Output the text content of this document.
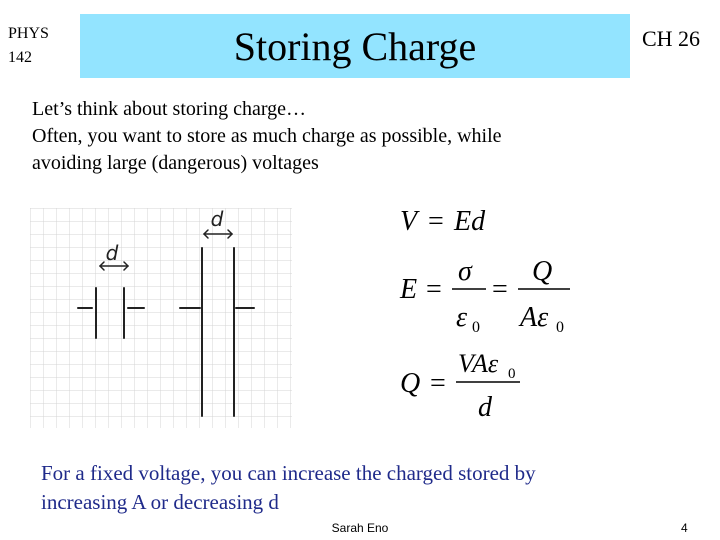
PHYS
142	Storing Charge	CH 26
Let’s think about storing charge…
Often, you want to store as much charge as possible, while
avoiding large (dangerous) voltages
d
d	V = Ed
E =
σ
ε 0
=
Q
Aε 0
Q =
VAε 0
d
For a fixed voltage, you can increase the charged stored by
increasing A or decreasing d
Sarah Eno	4
